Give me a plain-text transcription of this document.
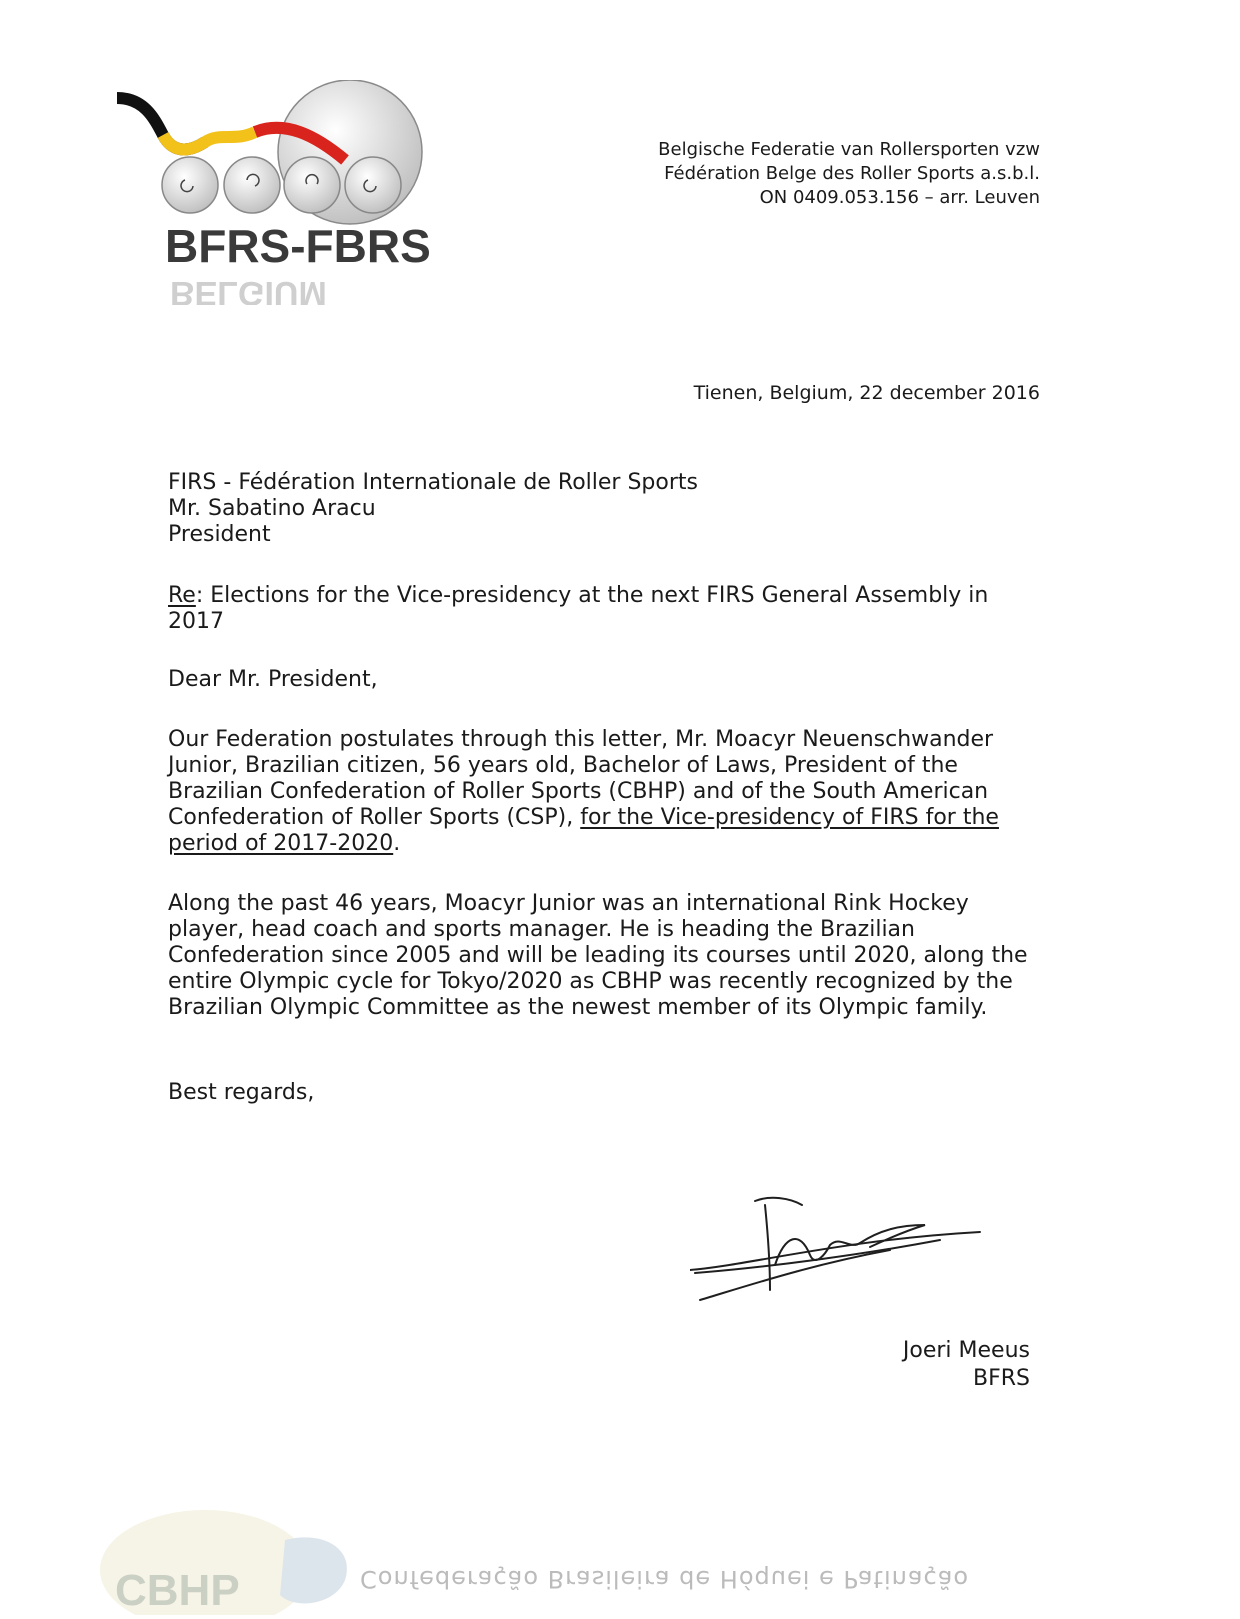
BFRS-FBRS
BELGIUM
Belgische Federatie van Rollersporten vzw
Fédération Belge des Roller Sports a.s.b.l.
ON 0409.053.156 – arr. Leuven
Tienen, Belgium, 22 december 2016
FIRS - Fédération Internationale de Roller Sports
Mr. Sabatino Aracu
President
Re: Elections for the Vice-presidency at the next FIRS General Assembly in 2017
Dear Mr. President,
Our Federation postulates through this letter, Mr. Moacyr Neuenschwander Junior, Brazilian citizen, 56 years old, Bachelor of Laws, President of the Brazilian Confederation of Roller Sports (CBHP) and of the South American Confederation of Roller Sports (CSP), for the Vice-presidency of FIRS for the period of 2017-2020.
Along the past 46 years, Moacyr Junior was an international Rink Hockey player, head coach and sports manager. He is heading the Brazilian Confederation since 2005 and will be leading its courses until 2020, along the entire Olympic cycle for Tokyo/2020 as CBHP was recently recognized by the Brazilian Olympic Committee as the newest member of its Olympic family.
Best regards,
Joeri Meeus
BFRS
CBHP	Confederação Brasileira de Hóquei e Patinação
